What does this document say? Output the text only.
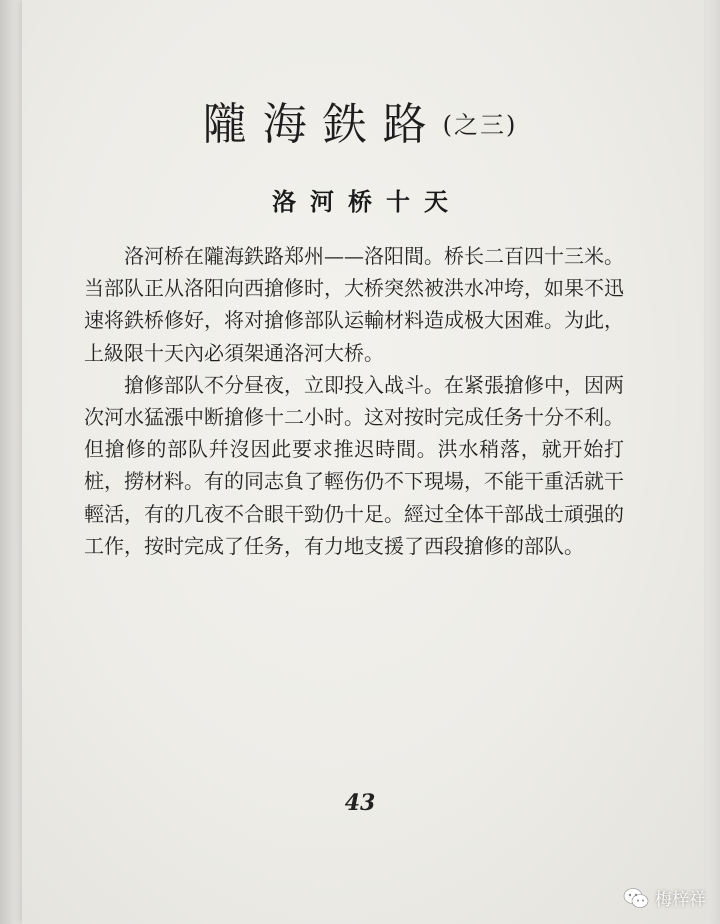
隴海鉄路(之三)
洛河桥十天

洛河桥在隴海鉄路郑州——洛阳間。桥长二百四十三米。当部队正从洛阳向西搶修时，大桥突然被洪水冲垮，如果不迅速将鉄桥修好，将对搶修部队运輸材料造成极大困难。为此，上級限十天內必須架通洛河大桥。

搶修部队不分昼夜，立即投入战斗。在紧張搶修中，因两次河水猛漲中断搶修十二小时。这对按时完成任务十分不利。但搶修的部队幷沒因此要求推迟時間。洪水稍落，就开始打桩，撈材料。有的同志負了輕伤仍不下現場，不能干重活就干輕活，有的几夜不合眼干勁仍十足。經过全体干部战士頑强的工作，按时完成了任务，有力地支援了西段搶修的部队。

43
梅梓祥
